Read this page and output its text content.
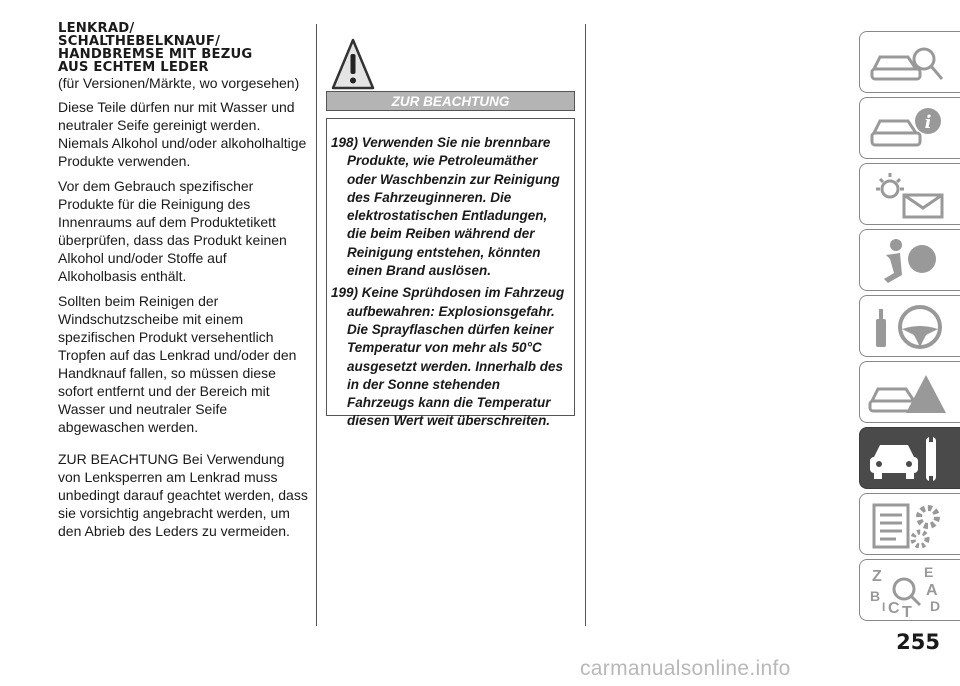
LENKRAD/
SCHALTHEBELKNAUF/
HANDBREMSE MIT BEZUG
AUS ECHTEM LEDER

(für Versionen/Märkte, wo vorgesehen)

Diese Teile dürfen nur mit Wasser und neutraler Seife gereinigt werden. Niemals Alkohol und/oder alkoholhaltige Produkte verwenden.

Vor dem Gebrauch spezifischer Produkte für die Reinigung des Innenraums auf dem Produktetikett überprüfen, dass das Produkt keinen Alkohol und/oder Stoffe auf Alkoholbasis enthält.

Sollten beim Reinigen der Windschutzscheibe mit einem spezifischen Produkt versehentlich Tropfen auf das Lenkrad und/oder den Handknauf fallen, so müssen diese sofort entfernt und der Bereich mit Wasser und neutraler Seife abgewaschen werden.

ZUR BEACHTUNG Bei Verwendung von Lenksperren am Lenkrad muss unbedingt darauf geachtet werden, dass sie vorsichtig angebracht werden, um den Abrieb des Leders zu vermeiden.

ZUR BEACHTUNG

198) Verwenden Sie nie brennbare Produkte, wie Petroleumäther oder Waschbenzin zur Reinigung des Fahrzeuginneren. Die elektrostatischen Entladungen, die beim Reiben während der Reinigung entstehen, könnten einen Brand auslösen.

199) Keine Sprühdosen im Fahrzeug aufbewahren: Explosionsgefahr. Die Sprayflaschen dürfen keiner Temperatur von mehr als 50°C ausgesetzt werden. Innerhalb des in der Sonne stehenden Fahrzeugs kann die Temperatur diesen Wert weit überschreiten.

i
Z	E
A
B
C D
T
I
255
carmanualsonline.info
